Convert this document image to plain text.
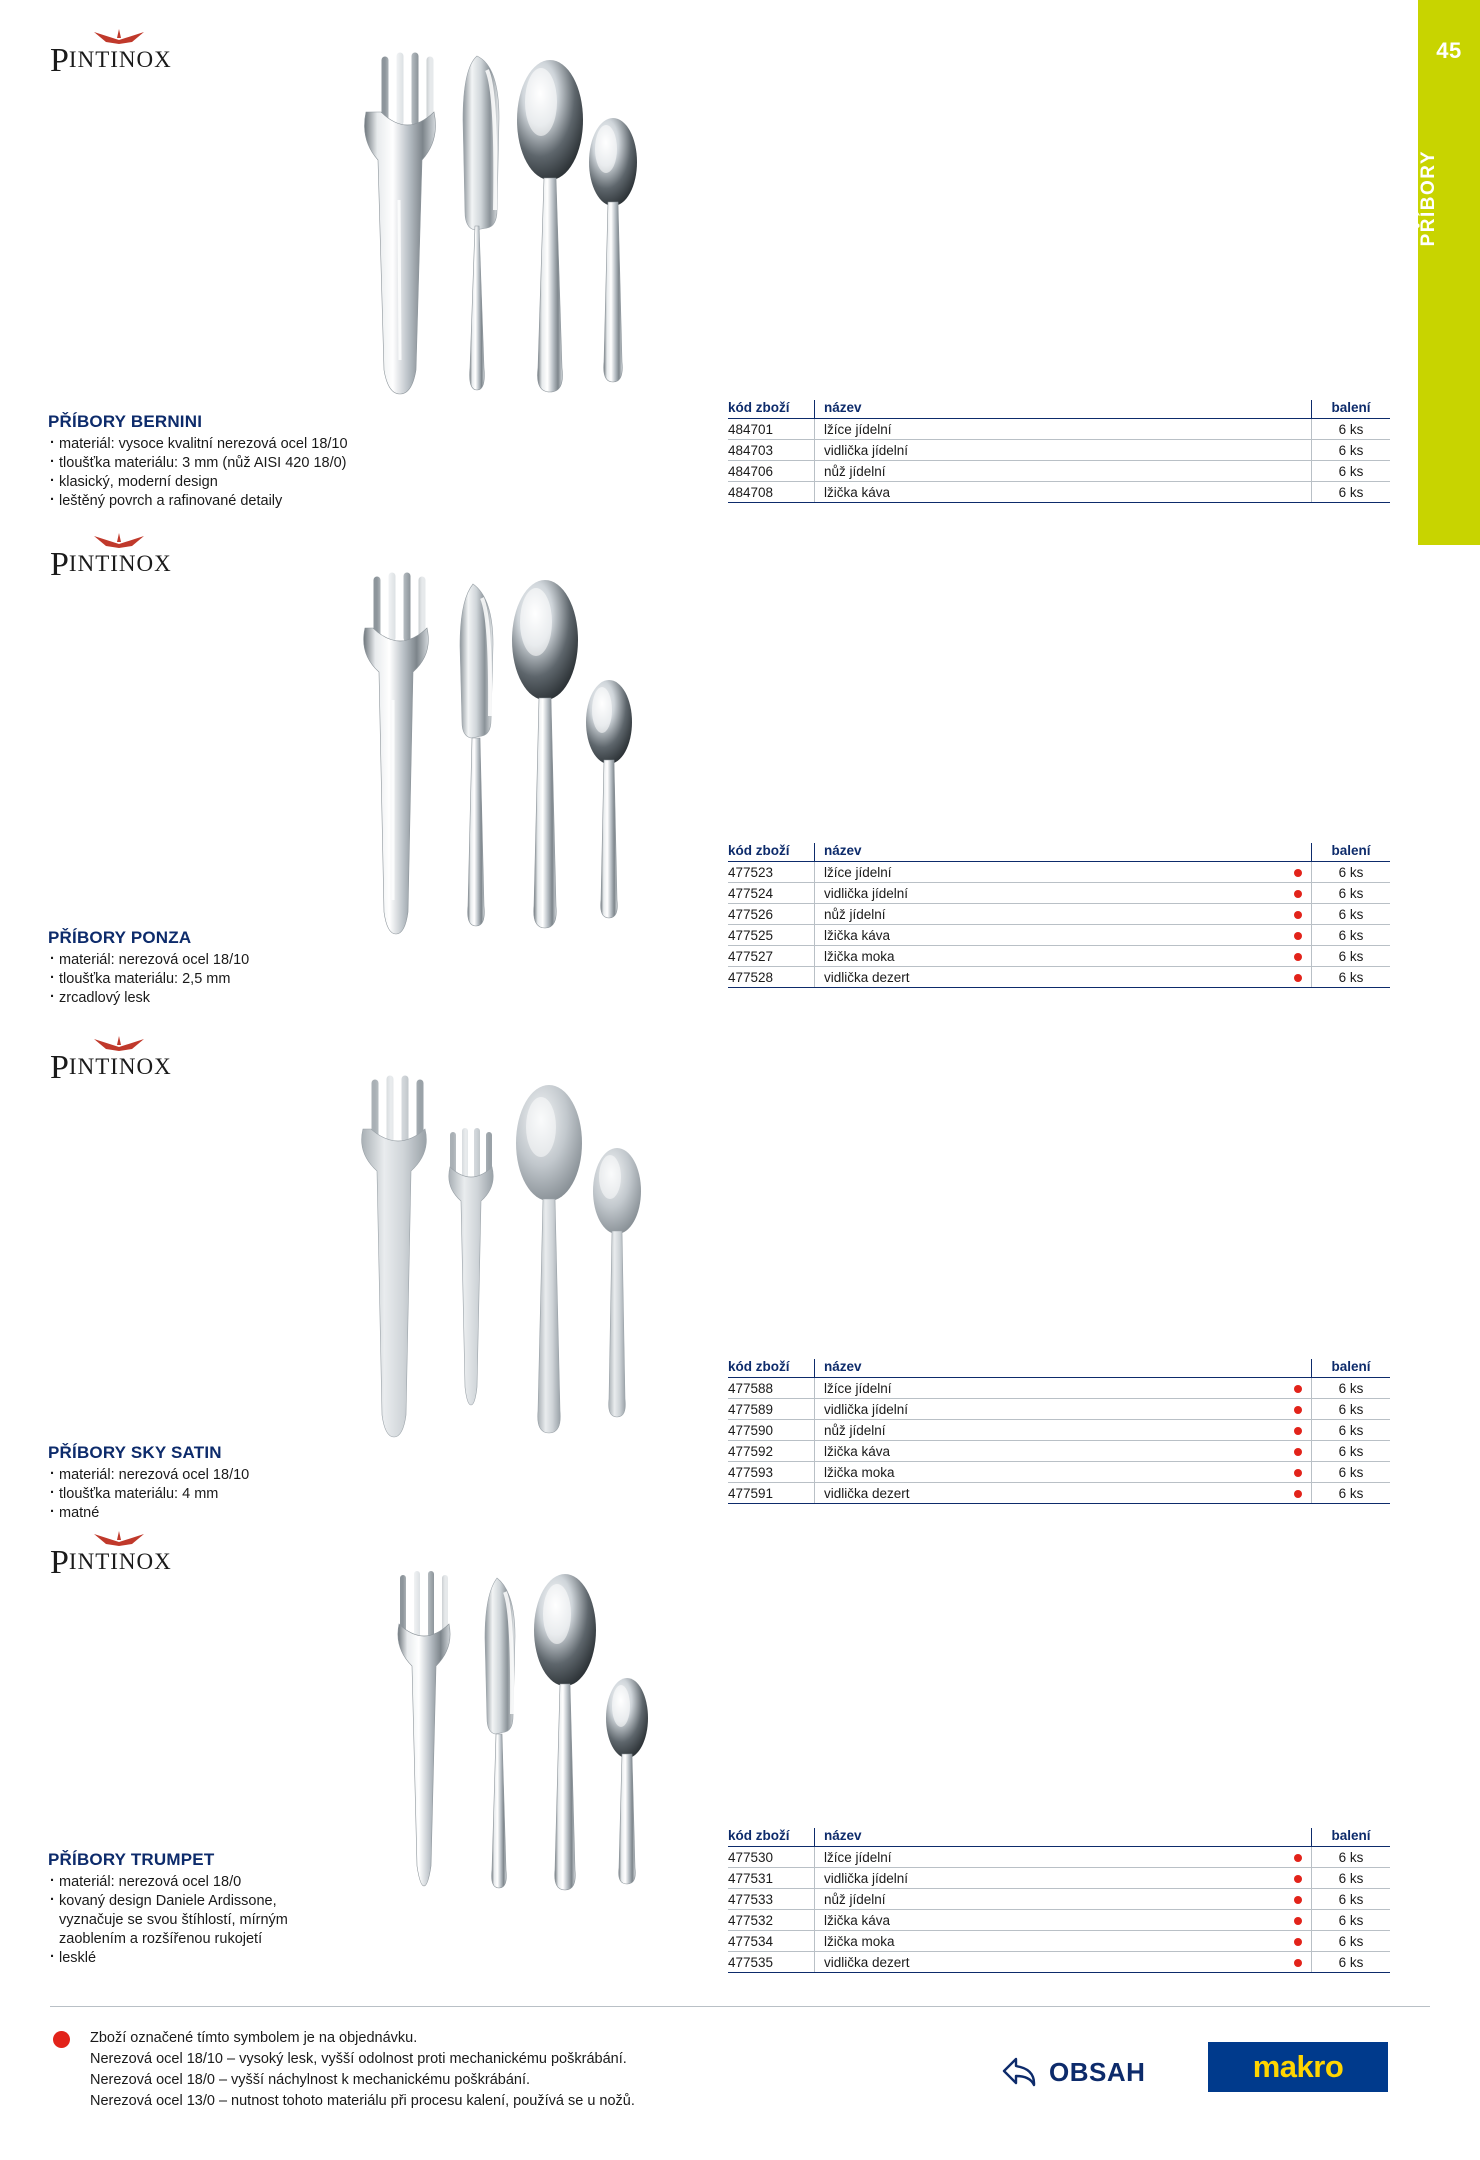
45
PŘÍBORY
PINTINOX
PŘÍBORY BERNINI
· materiál: vysoce kvalitní nerezová ocel 18/10
· tloušťka materiálu: 3 mm (nůž AISI 420 18/0)
· klasický, moderní design
· leštěný povrch a rafinované detaily
kód zboží	název		balení
484701	lžíce jídelní		6 ks
484703	vidlička jídelní		6 ks
484706	nůž jídelní		6 ks
484708	lžička káva		6 ks
PINTINOX
PŘÍBORY PONZA
· materiál: nerezová ocel 18/10
· tloušťka materiálu: 2,5 mm
· zrcadlový lesk
kód zboží	název		balení
477523	lžíce jídelní		6 ks
477524	vidlička jídelní		6 ks
477526	nůž jídelní		6 ks
477525	lžička káva		6 ks
477527	lžička moka		6 ks
477528	vidlička dezert		6 ks
PINTINOX
PŘÍBORY SKY SATIN
· materiál: nerezová ocel 18/10
· tloušťka materiálu: 4 mm
· matné
kód zboží	název		balení
477588	lžíce jídelní		6 ks
477589	vidlička jídelní		6 ks
477590	nůž jídelní		6 ks
477592	lžička káva		6 ks
477593	lžička moka		6 ks
477591	vidlička dezert		6 ks
PINTINOX
PŘÍBORY TRUMPET
· materiál: nerezová ocel 18/0
· kovaný design Daniele Ardissone,
vyznačuje se svou štíhlostí, mírným
zaoblením a rozšířenou rukojetí
· lesklé
kód zboží	název		balení
477530	lžíce jídelní		6 ks
477531	vidlička jídelní		6 ks
477533	nůž jídelní		6 ks
477532	lžička káva		6 ks
477534	lžička moka		6 ks
477535	vidlička dezert		6 ks
Zboží označené tímto symbolem je na objednávku.
Nerezová ocel 18/10 – vysoký lesk, vyšší odolnost proti mechanickému poškrábání.
Nerezová ocel 18/0 – vyšší náchylnost k mechanickému poškrábání.
Nerezová ocel 13/0 – nutnost tohoto materiálu při procesu kalení, používá se u nožů.
OBSAH	makro
